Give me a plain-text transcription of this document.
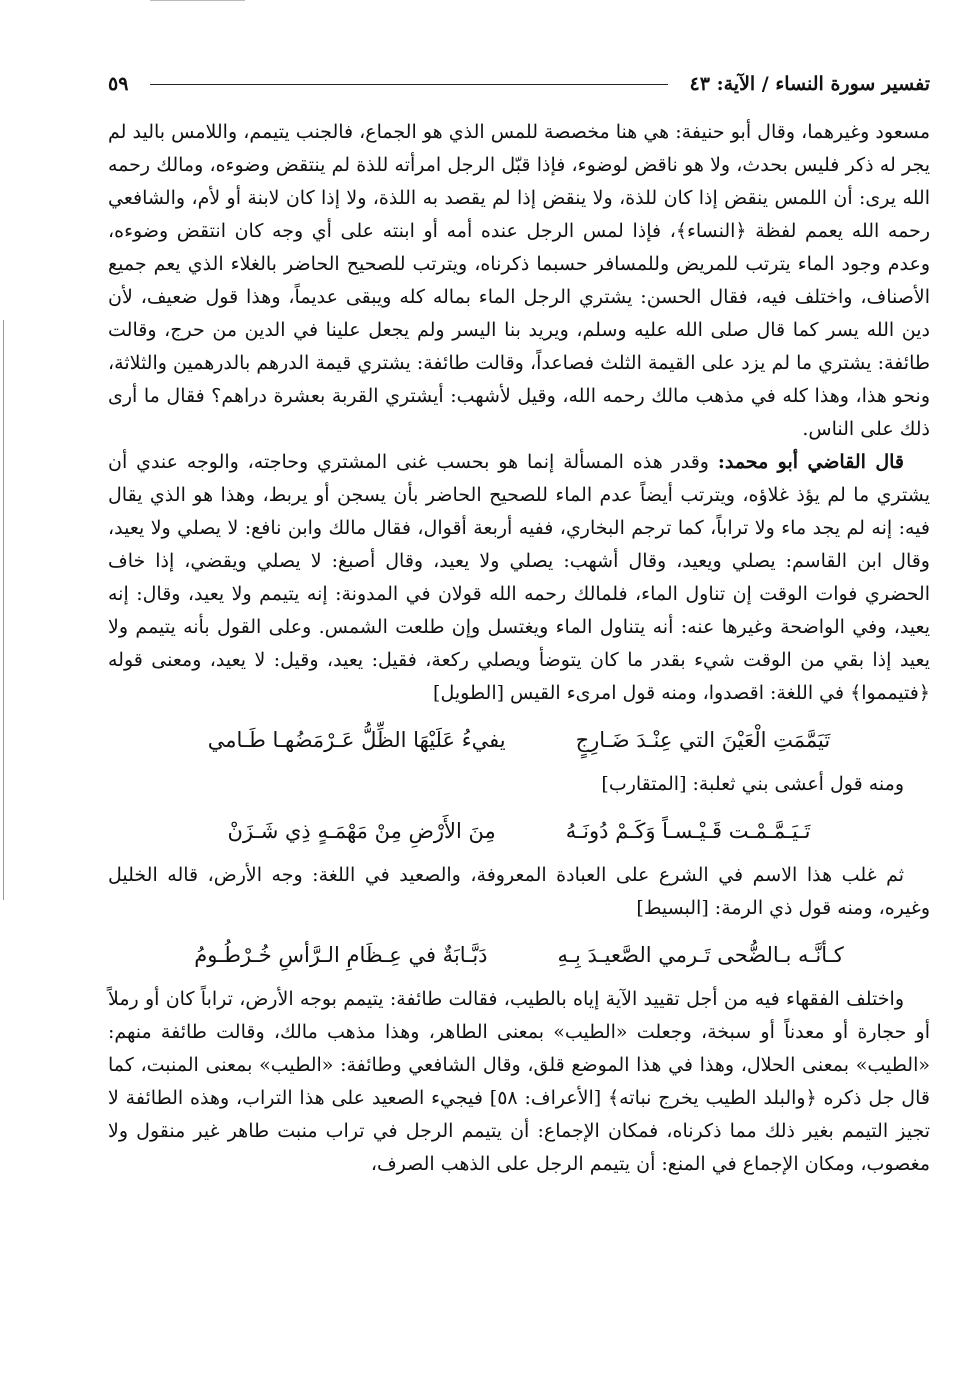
تفسير سورة النساء / الآية: ٤٣
٥٩

مسعود وغيرهما، وقال أبو حنيفة: هي هنا مخصصة للمس الذي هو الجماع، فالجنب يتيمم، واللامس باليد لم يجر له ذكر فليس بحدث، ولا هو ناقض لوضوء، فإذا قبّل الرجل امرأته للذة لم ينتقض وضوءه، ومالك رحمه الله يرى: أن اللمس ينقض إذا كان للذة، ولا ينقض إذا لم يقصد به اللذة، ولا إذا كان لابنة أو لأم، والشافعي رحمه الله يعمم لفظة ﴿النساء﴾، فإذا لمس الرجل عنده أمه أو ابنته على أي وجه كان انتقض وضوءه، وعدم وجود الماء يترتب للمريض وللمسافر حسبما ذكرناه، ويترتب للصحيح الحاضر بالغلاء الذي يعم جميع الأصناف، واختلف فيه، فقال الحسن: يشتري الرجل الماء بماله كله ويبقى عديماً، وهذا قول ضعيف، لأن دين الله يسر كما قال صلى الله عليه وسلم، ويريد بنا اليسر ولم يجعل علينا في الدين من حرج، وقالت طائفة: يشتري ما لم يزد على القيمة الثلث فصاعداً، وقالت طائفة: يشتري قيمة الدرهم بالدرهمين والثلاثة، ونحو هذا، وهذا كله في مذهب مالك رحمه الله، وقيل لأشهب: أيشتري القربة بعشرة دراهم؟ فقال ما أرى ذلك على الناس.

قال القاضي أبو محمد: وقدر هذه المسألة إنما هو بحسب غنى المشتري وحاجته، والوجه عندي أن يشتري ما لم يؤذ غلاؤه، ويترتب أيضاً عدم الماء للصحيح الحاضر بأن يسجن أو يربط، وهذا هو الذي يقال فيه: إنه لم يجد ماء ولا تراباً، كما ترجم البخاري، ففيه أربعة أقوال، فقال مالك وابن نافع: لا يصلي ولا يعيد، وقال ابن القاسم: يصلي ويعيد، وقال أشهب: يصلي ولا يعيد، وقال أصبغ: لا يصلي ويقضي، إذا خاف الحضري فوات الوقت إن تناول الماء، فلمالك رحمه الله قولان في المدونة: إنه يتيمم ولا يعيد، وقال: إنه يعيد، وفي الواضحة وغيرها عنه: أنه يتناول الماء ويغتسل وإن طلعت الشمس. وعلى القول بأنه يتيمم ولا يعيد إذا بقي من الوقت شيء بقدر ما كان يتوضأ ويصلي ركعة، فقيل: يعيد، وقيل: لا يعيد، ومعنى قوله ﴿فتيمموا﴾ في اللغة: اقصدوا، ومنه قول امرىء القيس [الطويل]

تَيَمَّمَتِ الْعَيْنَ التي عِنْـدَ ضَـارِجٍ
يفيءُ عَلَيْهَا الظِّلُّ عَـرْمَضُهـا طَـامي

ومنه قول أعشى بني ثعلبة: [المتقارب]

تَـيَـمَّـمْـت قَـيْـسـاً وَكَـمْ دُونَـهُ
مِنَ الأَرْضِ مِنْ مَهْمَـهٍ ذِي شَـزَنْ

ثم غلب هذا الاسم في الشرع على العبادة المعروفة، والصعيد في اللغة: وجه الأرض، قاله الخليل وغيره، ومنه قول ذي الرمة: [البسيط]

كـأنَّـه بـالضُّحى تَـرمي الصَّعيـدَ بِـهِ
دَبَّـابَةٌ في عِـظَامِ الـرَّأسِ خُـرْطُـومُ

واختلف الفقهاء فيه من أجل تقييد الآية إياه بالطيب، فقالت طائفة: يتيمم بوجه الأرض، تراباً كان أو رملاً أو حجارة أو معدناً أو سبخة، وجعلت «الطيب» بمعنى الطاهر، وهذا مذهب مالك، وقالت طائفة منهم: «الطيب» بمعنى الحلال، وهذا في هذا الموضع قلق، وقال الشافعي وطائفة: «الطيب» بمعنى المنبت، كما قال جل ذكره ﴿والبلد الطيب يخرج نباته﴾ [الأعراف: ٥٨] فيجيء الصعيد على هذا التراب، وهذه الطائفة لا تجيز التيمم بغير ذلك مما ذكرناه، فمكان الإجماع: أن يتيمم الرجل في تراب منبت طاهر غير منقول ولا مغصوب، ومكان الإجماع في المنع: أن يتيمم الرجل على الذهب الصرف،
